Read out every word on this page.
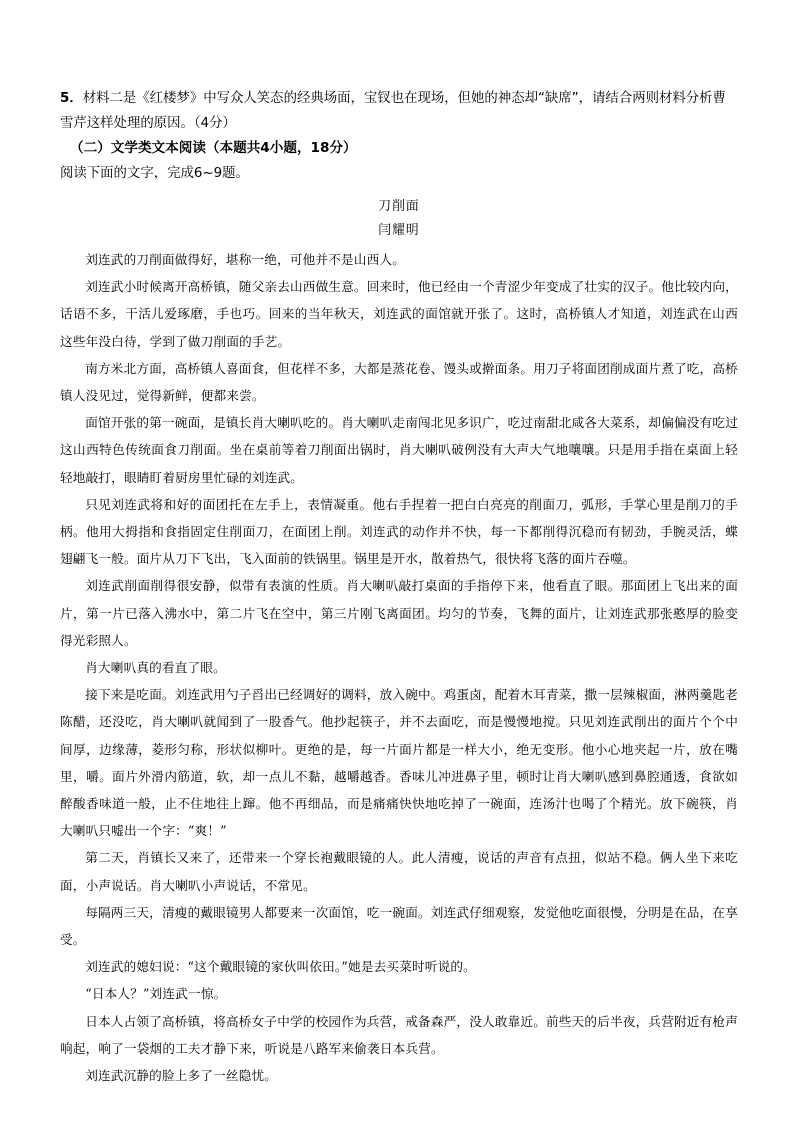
5．材料二是《红楼梦》中写众人笑态的经典场面，宝钗也在现场，但她的神态却“缺席”，请结合两则材料分析曹雪芹这样处理的原因。（4分）

（二）文学类文本阅读（本题共4小题，18分）

阅读下面的文字，完成6~9题。

刀削面

闫耀明

刘连武的刀削面做得好，堪称一绝，可他并不是山西人。

刘连武小时候离开高桥镇，随父亲去山西做生意。回来时，他已经由一个青涩少年变成了壮实的汉子。他比较内向，话语不多，干活儿爱琢磨，手也巧。回来的当年秋天，刘连武的面馆就开张了。这时，高桥镇人才知道，刘连武在山西这些年没白待，学到了做刀削面的手艺。

南方米北方面，高桥镇人喜面食，但花样不多，大都是蒸花卷、馒头或擀面条。用刀子将面团削成面片煮了吃，高桥镇人没见过，觉得新鲜，便都来尝。

面馆开张的第一碗面，是镇长肖大喇叭吃的。肖大喇叭走南闯北见多识广，吃过南甜北咸各大菜系，却偏偏没有吃过这山西特色传统面食刀削面。坐在桌前等着刀削面出锅时，肖大喇叭破例没有大声大气地嚷嚷。只是用手指在桌面上轻轻地敲打，眼睛盯着厨房里忙碌的刘连武。

只见刘连武将和好的面团托在左手上，表情凝重。他右手捏着一把白白亮亮的削面刀，弧形，手掌心里是削刀的手柄。他用大拇指和食指固定住削面刀，在面团上削。刘连武的动作并不快，每一下都削得沉稳而有韧劲，手腕灵活，蝶翅翩飞一般。面片从刀下飞出，飞入面前的铁锅里。锅里是开水，散着热气，很快将飞落的面片吞噬。

刘连武削面削得很安静，似带有表演的性质。肖大喇叭敲打桌面的手指停下来，他看直了眼。那面团上飞出来的面片，第一片已落入沸水中，第二片飞在空中，第三片刚飞离面团。均匀的节奏，飞舞的面片，让刘连武那张憨厚的脸变得光彩照人。

肖大喇叭真的看直了眼。

接下来是吃面。刘连武用勺子舀出已经调好的调料，放入碗中。鸡蛋卤，配着木耳青菜，撒一层辣椒面，淋两羹匙老陈醋，还没吃，肖大喇叭就闻到了一股香气。他抄起筷子，并不去面吃，而是慢慢地搅。只见刘连武削出的面片个个中间厚，边缘薄，菱形匀称，形状似柳叶。更绝的是，每一片面片都是一样大小，绝无变形。他小心地夹起一片，放在嘴里，嚼。面片外滑内筋道，软，却一点儿不黏，越嚼越香。香味儿冲进鼻子里，顿时让肖大喇叭感到鼻腔通透，食欲如醉酸香味道一般，止不住地往上蹿。他不再细品，而是痛痛快快地吃掉了一碗面，连汤汁也喝了个精光。放下碗筷，肖大喇叭只嘘出一个字：“爽！”

第二天，肖镇长又来了，还带来一个穿长袍戴眼镜的人。此人清瘦，说话的声音有点扭，似站不稳。俩人坐下来吃面，小声说话。肖大喇叭小声说话，不常见。

每隔两三天，清瘦的戴眼镜男人都要来一次面馆，吃一碗面。刘连武仔细观察，发觉他吃面很慢，分明是在品，在享受。

刘连武的媳妇说：“这个戴眼镜的家伙叫依田。”她是去买菜时听说的。

“日本人？”刘连武一惊。

日本人占领了高桥镇，将高桥女子中学的校园作为兵营，戒备森严，没人敢靠近。前些天的后半夜，兵营附近有枪声响起，响了一袋烟的工夫才静下来，听说是八路军来偷袭日本兵营。

刘连武沉静的脸上多了一丝隐忧。
